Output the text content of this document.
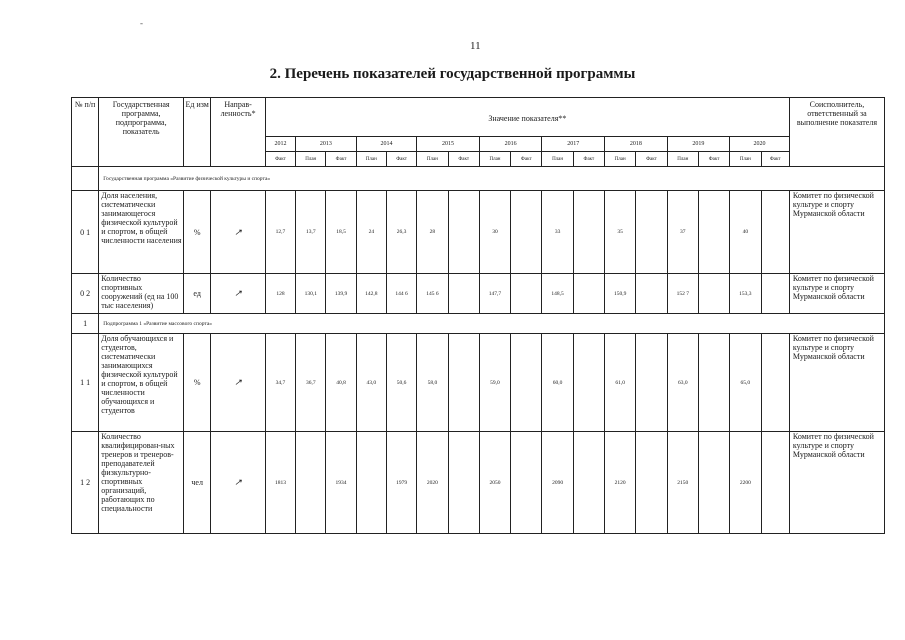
-
11
2. Перечень показателей государственной программы
№ п/п	Государственная программа, подпрограмма, показатель	Ед изм	Направ- ленность*	Значение показателя**																	Соисполнитель, ответственный за выполнение показателя
				2012	2013		2014		2015		2016		2017		2018		2019		2020		
				Факт	План	Факт	План	Факт	План	Факт	План	Факт	План	Факт	План	Факт	План	Факт	План	Факт	
	Государственная программа «Развитие физической культуры и спорта»																				
0 1	Доля населения, систематически занимающегося физической культурой и спортом, в общей численности населения	%	↗	12,7	13,7	18,5	24	26,3	28		30		33		35		37		40		Комитет по физической культуре и спорту Мурманской области
0 2	Количество спортивных сооружений (ед на 100 тыс населения)	ед	↗	128	130,1	139,9	142,8	144 6	145 6		147,7		148,5		150,9		152 7		153,3		Комитет по физической культуре и спорту Мурманской области
1	Подпрограмма 1 «Развитие массового спорта»																				
1 1	Доля обучающихся и студентов, систематически занимающихся физической культурой и спортом, в общей численности обучающихся и студентов	%	↗	34,7	36,7	40,8	43,0	50,6	58,0		59,0		60,0		61,0		63,0		65,0		Комитет по физической культуре и спорту Мурманской области
1 2	Количество квалифицирован-ных тренеров и тренеров-преподавателей физкультурно-спортивных организаций, работающих по специальности	чел	↗	1813		1934		1979	2020		2050		2090		2120		2150		2200		Комитет по физической культуре и спорту Мурманской области
